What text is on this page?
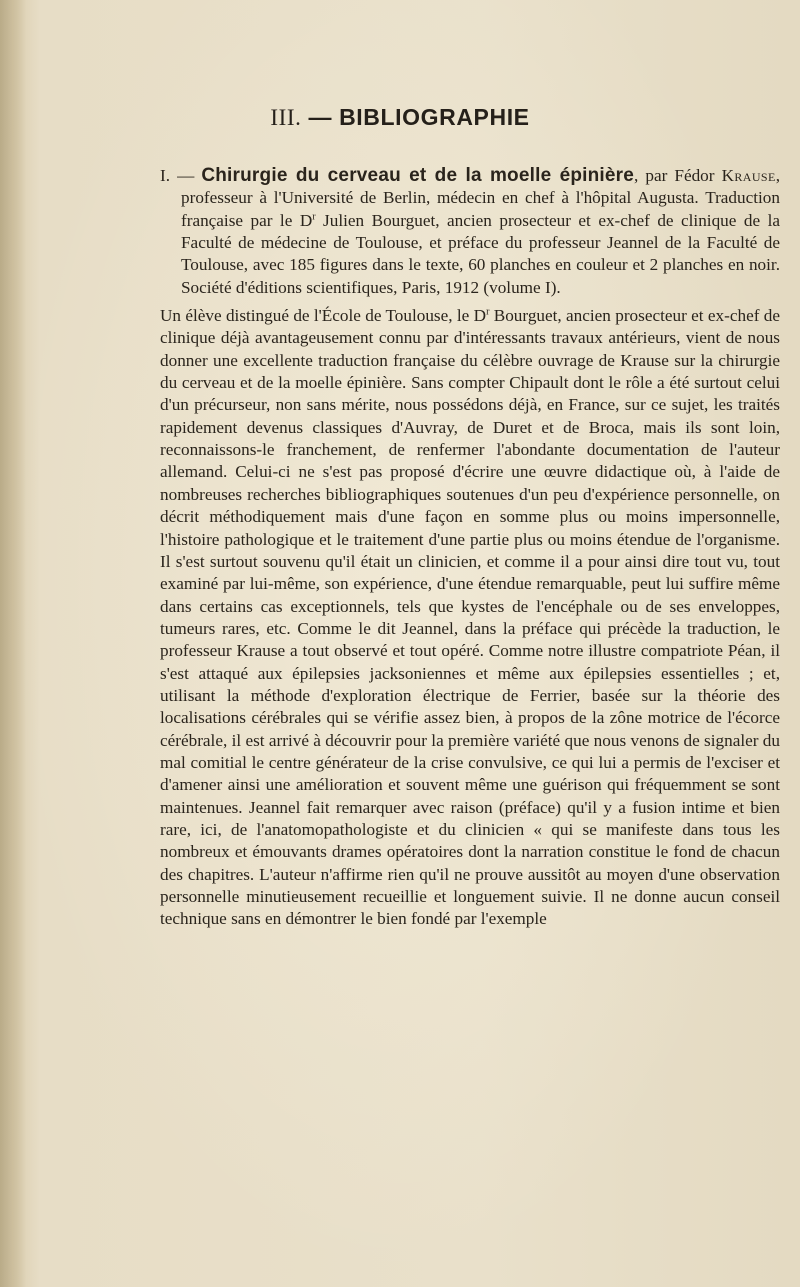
III. — BIBLIOGRAPHIE

I. — Chirurgie du cerveau et de la moelle épinière, par Fédor Krause, professeur à l'Université de Berlin, médecin en chef à l'hôpital Augusta. Traduction française par le $D^r$ Julien Bourguet, ancien prosecteur et ex-chef de clinique de la Faculté de médecine de Toulouse, et préface du professeur Jeannel de la Faculté de Toulouse, avec 185 figures dans le texte, 60 planches en couleur et 2 planches en noir. Société d'éditions scientifiques, Paris, 1912 (volume I).

Un élève distingué de l'École de Toulouse, le $D^r$ Bourguet, ancien prosecteur et ex-chef de clinique déjà avantageusement connu par d'intéressants travaux antérieurs, vient de nous donner une excellente traduction française du célèbre ouvrage de Krause sur la chirurgie du cerveau et de la moelle épinière. Sans compter Chipault dont le rôle a été surtout celui d'un précurseur, non sans mérite, nous possédons déjà, en France, sur ce sujet, les traités rapidement devenus classiques d'Auvray, de Duret et de Broca, mais ils sont loin, reconnaissons-le franchement, de renfermer l'abondante documentation de l'auteur allemand. Celui-ci ne s'est pas proposé d'écrire une œuvre didactique où, à l'aide de nombreuses recherches bibliographiques soutenues d'un peu d'expérience personnelle, on décrit méthodiquement mais d'une façon en somme plus ou moins impersonnelle, l'histoire pathologique et le traitement d'une partie plus ou moins étendue de l'organisme. Il s'est surtout souvenu qu'il était un clinicien, et comme il a pour ainsi dire tout vu, tout examiné par lui-même, son expérience, d'une étendue remarquable, peut lui suffire même dans certains cas exceptionnels, tels que kystes de l'encéphale ou de ses enveloppes, tumeurs rares, etc. Comme le dit Jeannel, dans la préface qui précède la traduction, le professeur Krause a tout observé et tout opéré. Comme notre illustre compatriote Péan, il s'est attaqué aux épilepsies jacksoniennes et même aux épilepsies essentielles ; et, utilisant la méthode d'exploration électrique de Ferrier, basée sur la théorie des localisations cérébrales qui se vérifie assez bien, à propos de la zône motrice de l'écorce cérébrale, il est arrivé à découvrir pour la première variété que nous venons de signaler du mal comitial le centre générateur de la crise convulsive, ce qui lui a permis de l'exciser et d'amener ainsi une amélioration et souvent même une guérison qui fréquemment se sont maintenues. Jeannel fait remarquer avec raison (préface) qu'il y a fusion intime et bien rare, ici, de l'anatomopathologiste et du clinicien « qui se manifeste dans tous les nombreux et émouvants drames opératoires dont la narration constitue le fond de chacun des chapitres. L'auteur n'affirme rien qu'il ne prouve aussitôt au moyen d'une observation personnelle minutieusement recueillie et longuement suivie. Il ne donne aucun conseil technique sans en démontrer le bien fondé par l'exemple
